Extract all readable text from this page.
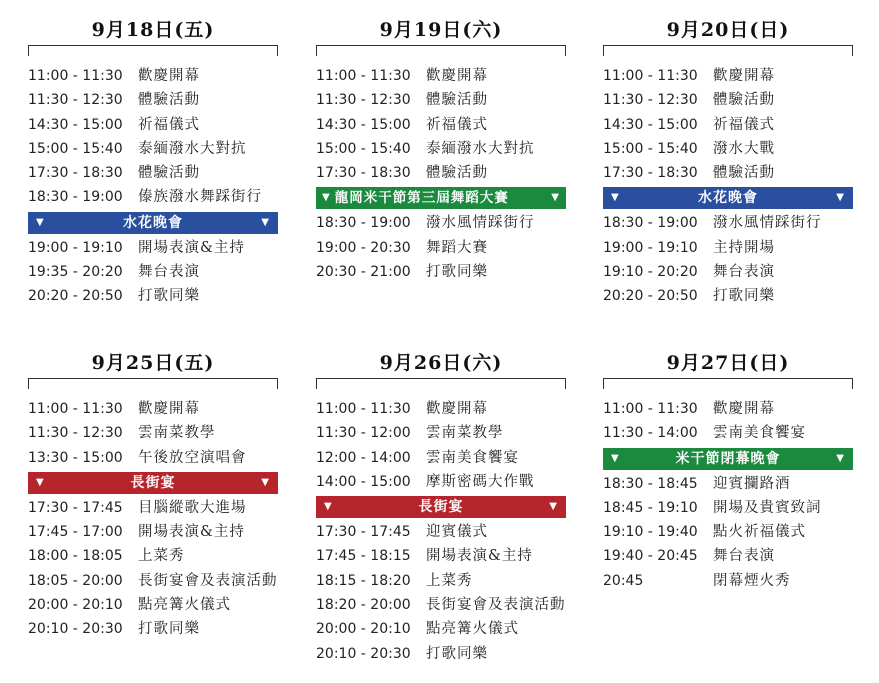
9月18日(五)
11:00 - 11:30	歡慶開幕
11:30 - 12:30	體驗活動
14:30 - 15:00	祈福儀式
15:00 - 15:40	泰緬潑水大對抗
17:30 - 18:30	體驗活動
18:30 - 19:00	傣族潑水舞踩街行
▼	水花晚會	▼
19:00 - 19:10	開場表演&主持
19:35 - 20:20	舞台表演
20:20 - 20:50	打歌同樂
9月19日(六)
11:00 - 11:30	歡慶開幕
11:30 - 12:30	體驗活動
14:30 - 15:00	祈福儀式
15:00 - 15:40	泰緬潑水大對抗
17:30 - 18:30	體驗活動
▼ 龍岡米干節第三屆舞蹈大賽	▼
18:30 - 19:00	潑水風情踩街行
19:00 - 20:30	舞蹈大賽
20:30 - 21:00	打歌同樂
9月20日(日)
11:00 - 11:30	歡慶開幕
11:30 - 12:30	體驗活動
14:30 - 15:00	祈福儀式
15:00 - 15:40	潑水大戰
17:30 - 18:30	體驗活動
▼	水花晚會	▼
18:30 - 19:00	潑水風情踩街行
19:00 - 19:10	主持開場
19:10 - 20:20	舞台表演
20:20 - 20:50	打歌同樂
9月25日(五)
11:00 - 11:30	歡慶開幕
11:30 - 12:30	雲南菜教學
13:30 - 15:00	午後放空演唱會
▼	長街宴	▼
17:30 - 17:45	目腦縱歌大進場
17:45 - 17:00	開場表演&主持
18:00 - 18:05	上菜秀
18:05 - 20:00	長街宴會及表演活動
20:00 - 20:10	點亮篝火儀式
20:10 - 20:30	打歌同樂
9月26日(六)
11:00 - 11:30	歡慶開幕
11:30 - 12:00	雲南菜教學
12:00 - 14:00	雲南美食饗宴
14:00 - 15:00	摩斯密碼大作戰
▼	長街宴	▼
17:30 - 17:45	迎賓儀式
17:45 - 18:15	開場表演&主持
18:15 - 18:20	上菜秀
18:20 - 20:00	長街宴會及表演活動
20:00 - 20:10	點亮篝火儀式
20:10 - 20:30	打歌同樂
9月27日(日)
11:00 - 11:30	歡慶開幕
11:30 - 14:00	雲南美食饗宴
▼	米干節閉幕晚會	▼
18:30 - 18:45	迎賓攔路酒
18:45 - 19:10	開場及貴賓致詞
19:10 - 19:40	點火祈福儀式
19:40 - 20:45	舞台表演
20:45	閉幕煙火秀
